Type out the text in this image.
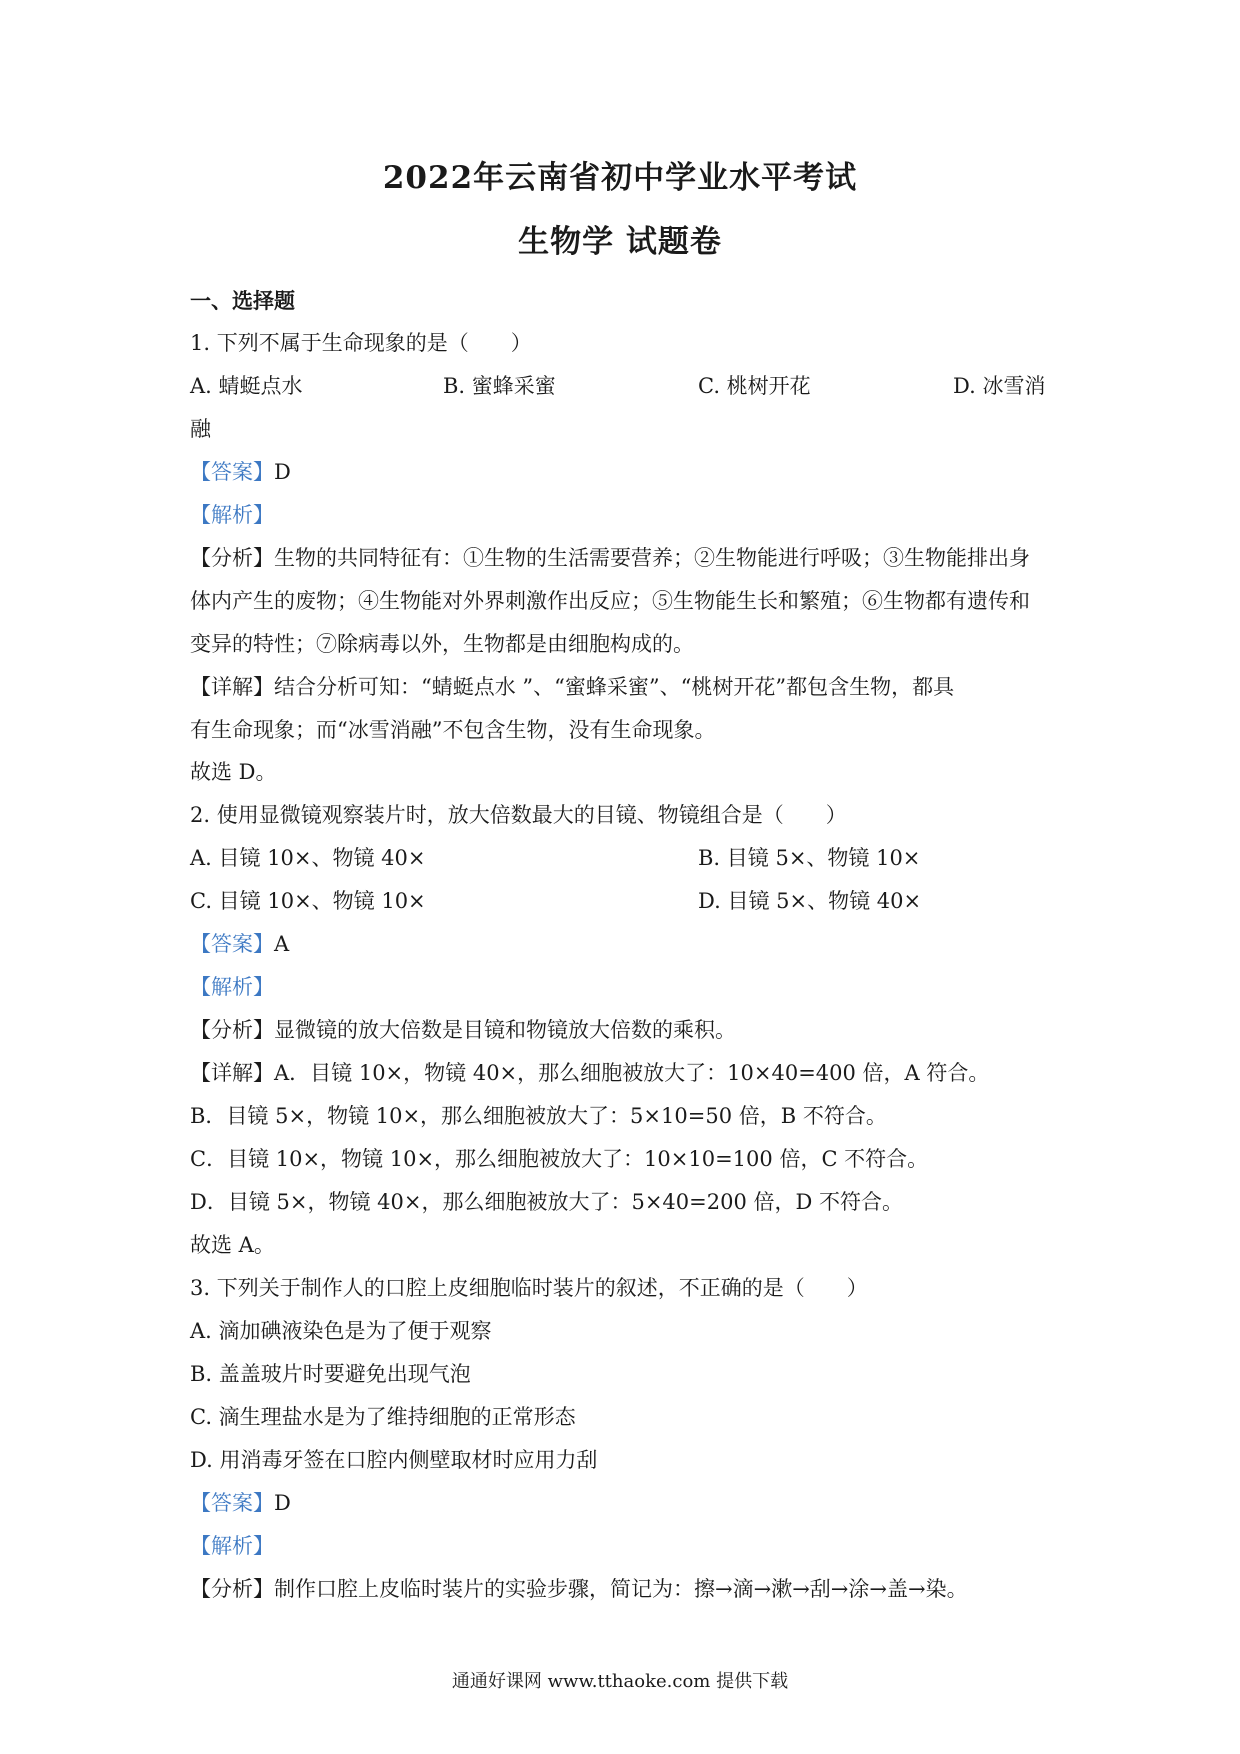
2022年云南省初中学业水平考试
生物学 试题卷
一、选择题
1. 下列不属于生命现象的是（　　）
A. 蜻蜓点水	B. 蜜蜂采蜜	C. 桃树开花	D. 冰雪消
融
【答案】D
【解析】
【分析】生物的共同特征有：①生物的生活需要营养；②生物能进行呼吸；③生物能排出身
体内产生的废物；④生物能对外界刺激作出反应；⑤生物能生长和繁殖；⑥生物都有遗传和
变异的特性；⑦除病毒以外，生物都是由细胞构成的。
【详解】结合分析可知：“蜻蜓点水 ”、“蜜蜂采蜜”、“桃树开花”都包含生物，都具
有生命现象；而“冰雪消融”不包含生物，没有生命现象。
故选 D。
2. 使用显微镜观察装片时，放大倍数最大的目镜、物镜组合是（　　）
A. 目镜 10×、物镜 40×	B. 目镜 5×、物镜 10×
C. 目镜 10×、物镜 10×	D. 目镜 5×、物镜 40×
【答案】A
【解析】
【分析】显微镜的放大倍数是目镜和物镜放大倍数的乘积。
【详解】A．目镜 10×，物镜 40×，那么细胞被放大了：10×40=400 倍，A 符合。
B．目镜 5×，物镜 10×，那么细胞被放大了：5×10=50 倍，B 不符合。
C．目镜 10×，物镜 10×，那么细胞被放大了：10×10=100 倍，C 不符合。
D．目镜 5×，物镜 40×，那么细胞被放大了：5×40=200 倍，D 不符合。
故选 A。
3. 下列关于制作人的口腔上皮细胞临时装片的叙述，不正确的是（　　）
A. 滴加碘液染色是为了便于观察
B. 盖盖玻片时要避免出现气泡
C. 滴生理盐水是为了维持细胞的正常形态
D. 用消毒牙签在口腔内侧壁取材时应用力刮
【答案】D
【解析】
【分析】制作口腔上皮临时装片的实验步骤，简记为：擦→滴→漱→刮→涂→盖→染。
通通好课网 www.tthaoke.com 提供下载
